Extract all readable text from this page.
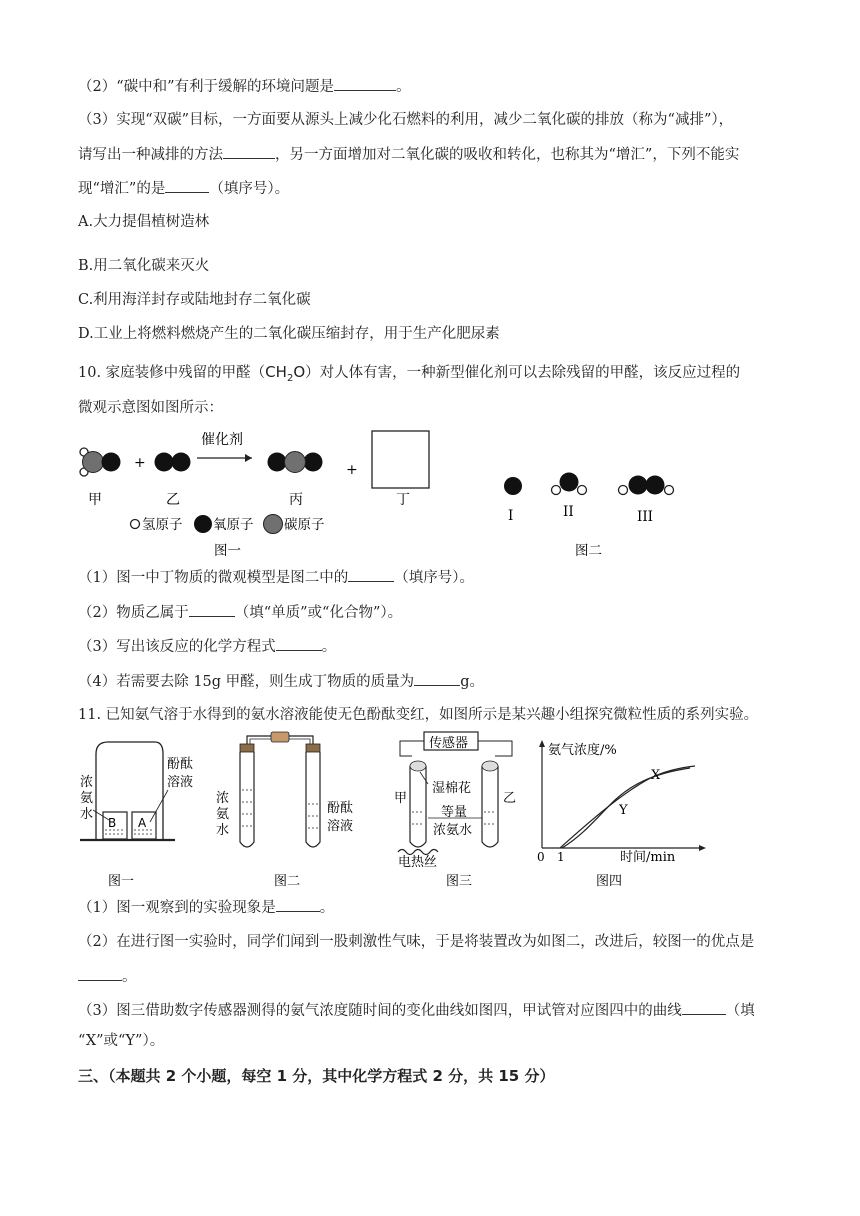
（2）“碳中和”有利于缓解的环境问题是	。
（3）实现“双碳”目标，一方面要从源头上减少化石燃料的利用，减少二氧化碳的排放（称为“减排”），
请写出一种减排的方法	，另一方面增加对二氧化碳的吸收和转化，也称其为“增汇”，下列不能实
现“增汇”的是	（填序号）。
A.大力提倡植树造林
B.用二氧化碳来灭火
C.利用海洋封存或陆地封存二氧化碳
D.工业上将燃料燃烧产生的二氧化碳压缩封存，用于生产化肥尿素
10. 家庭装修中残留的甲醛$(CH_2O)$对人体有害，一种新型催化剂可以去除残留的甲醛，该反应过程的
微观示意图如图所示：
+
催化剂
+
甲	乙	丙	丁
氢原子 氧原子 碳原子
图一
I	II	III
图二
（1）图一中丁物质的微观模型是图二中的	（填序号）。
（2）物质乙属于	（填“单质”或“化合物”）。
（3）写出该反应的化学方程式	。
（4）若需要去除 15g 甲醛，则生成丁物质的质量为	g。
11. 已知氨气溶于水得到的氨水溶液能使无色酚酞变红，如图所示是某兴趣小组探究微粒性质的系列实验。
浓
氨
水
酚酞
溶液
B A
图一
浓
氨
水
酚酞
溶液
图二
传感器
湿棉花
甲	乙
等量
浓氨水
电热丝
图三
氨气浓度/%
时间/min
0 1
X
Y
图四
（1）图一观察到的实验现象是	。
（2）在进行图一实验时，同学们闻到一股刺激性气味，于是将装置改为如图二，改进后，较图一的优点是
。
（3）图三借助数字传感器测得的氨气浓度随时间的变化曲线如图四，甲试管对应图四中的曲线	（填
“X”或“Y”）。
三、（本题共 2 个小题，每空 1 分，其中化学方程式 2 分，共 15 分）
